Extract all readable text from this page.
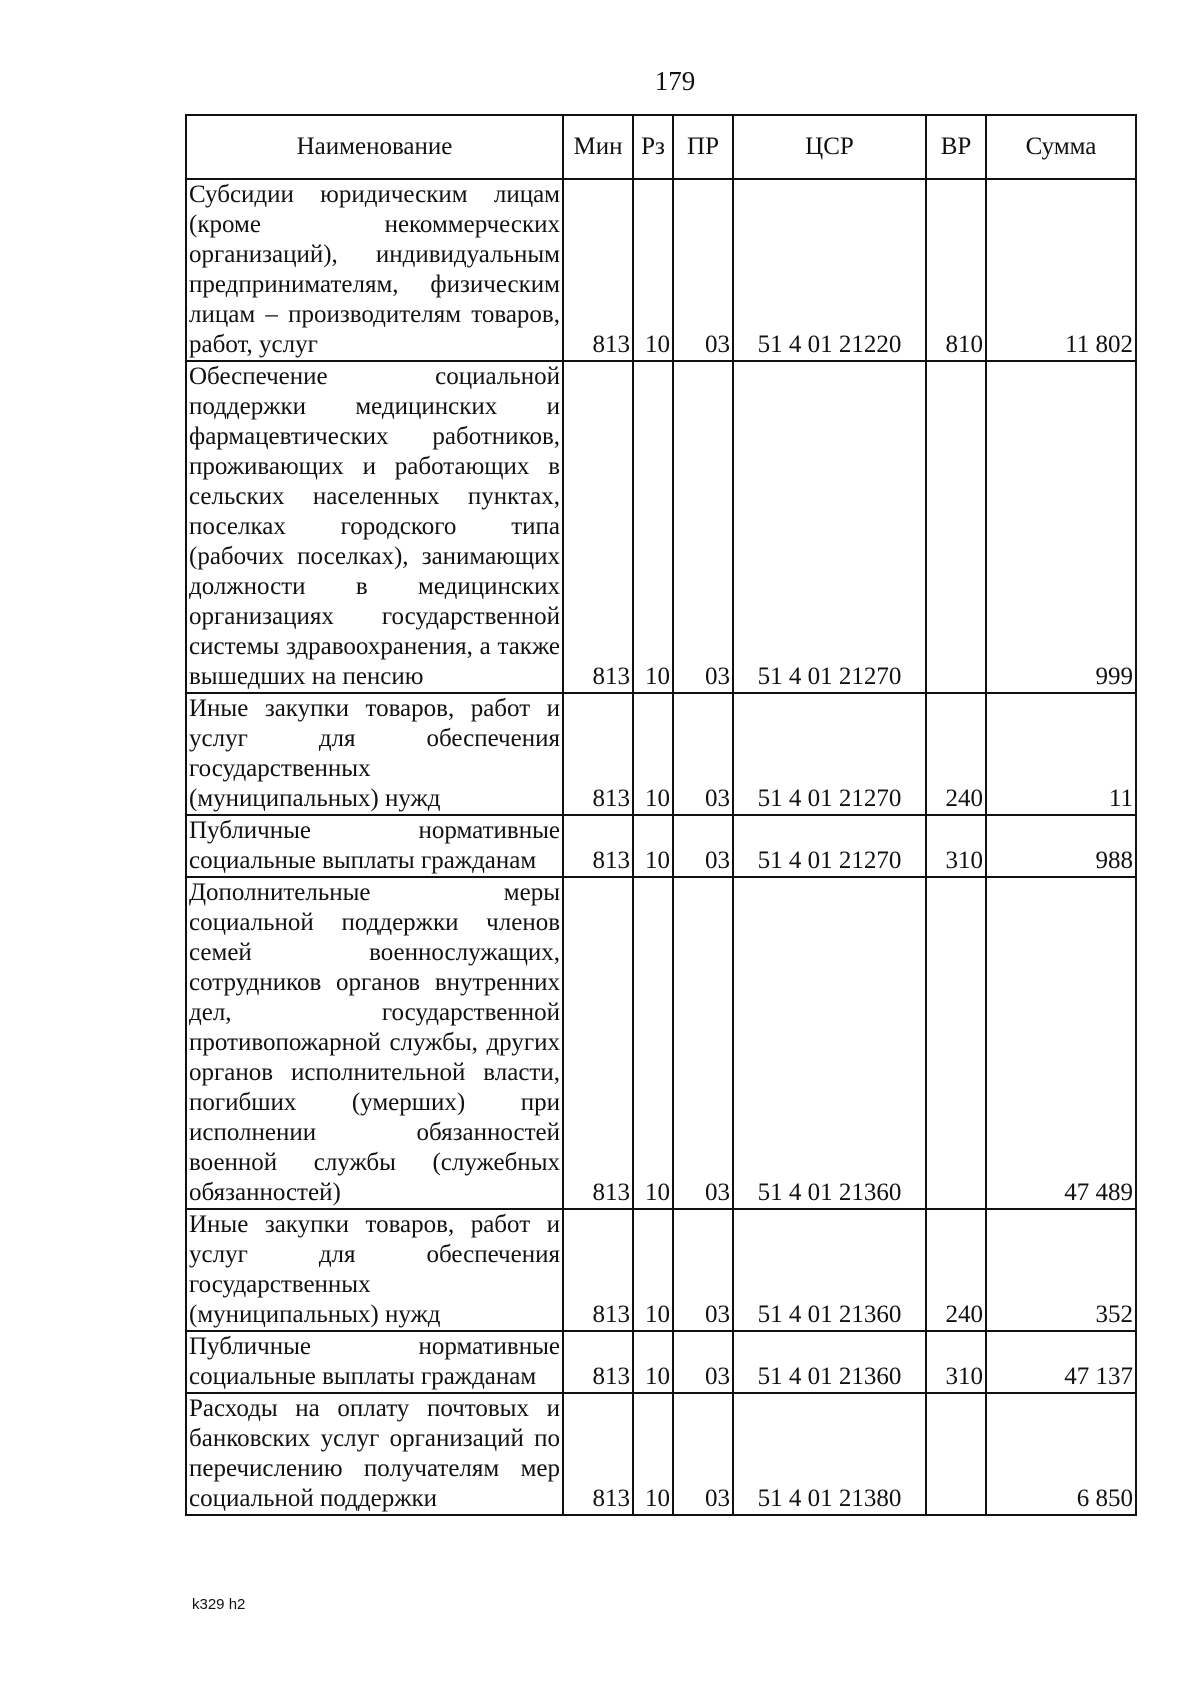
179
Наименование	Мин	Рз	ПР	ЦСР	ВР	Сумма
Субсидии юридическим лицам (кроме некоммерческих организаций), индивидуальным предпринимателям, физическим лицам – производителям товаров, работ, услуг	813	10	03	51 4 01 21220	810	11 802
Обеспечение социальной поддержки медицинских и фармацевтических работников, проживающих и работающих в сельских населенных пунктах, поселках городского типа (рабочих поселках), занимающих должности в медицинских организациях государственной системы здравоохранения, а также вышедших на пенсию	813	10	03	51 4 01 21270		999
Иные закупки товаров, работ и услуг для обеспечения государственных (муниципальных) нужд	813	10	03	51 4 01 21270	240	11
Публичные нормативные социальные выплаты гражданам	813	10	03	51 4 01 21270	310	988
Дополнительные меры социальной поддержки членов семей военнослужащих, сотрудников органов внутренних дел, государственной противопожарной службы, других органов исполнительной власти, погибших (умерших) при исполнении обязанностей военной службы (служебных обязанностей)	813	10	03	51 4 01 21360		47 489
Иные закупки товаров, работ и услуг для обеспечения государственных (муниципальных) нужд	813	10	03	51 4 01 21360	240	352
Публичные нормативные социальные выплаты гражданам	813	10	03	51 4 01 21360	310	47 137
Расходы на оплату почтовых и банковских услуг организаций по перечислению получателям мер социальной поддержки	813	10	03	51 4 01 21380		6 850
k329 h2
